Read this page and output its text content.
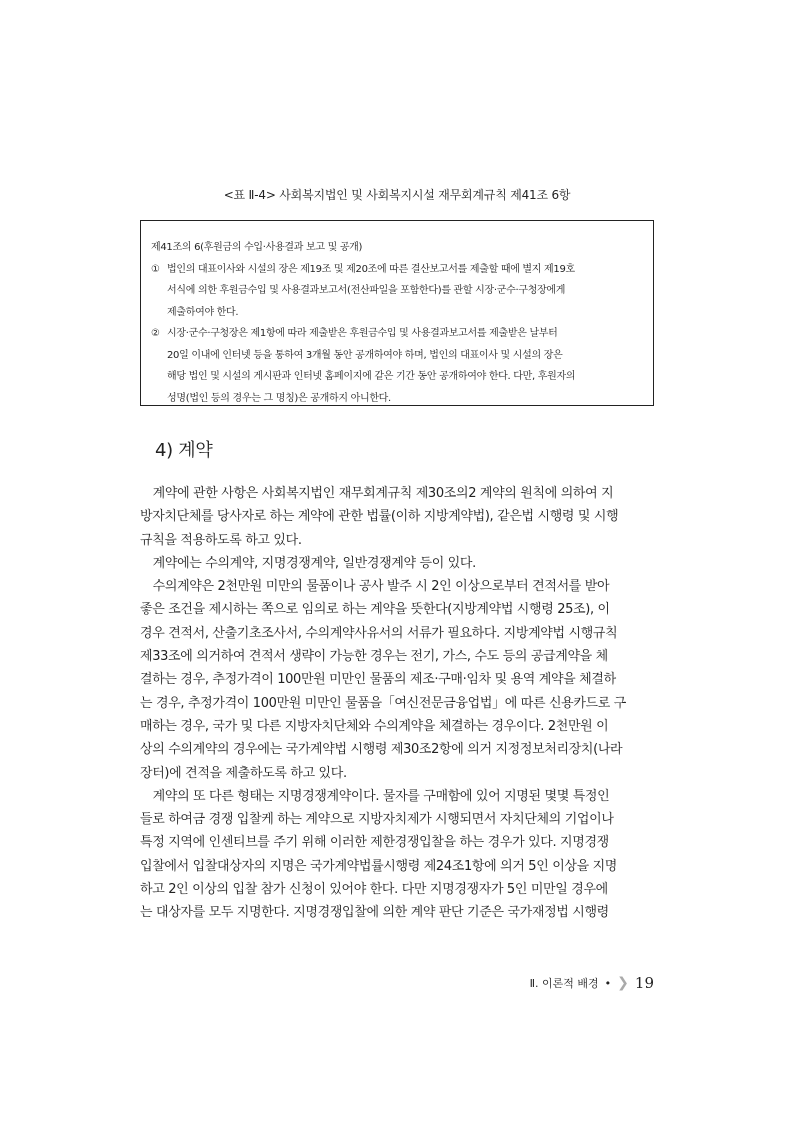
<표 Ⅱ-4> 사회복지법인 및 사회복지시설 재무회계규칙 제41조 6항
제41조의 6(후원금의 수입·사용결과 보고 및 공개)
① 법인의 대표이사와 시설의 장은 제19조 및 제20조에 따른 결산보고서를 제출할 때에 별지 제19호
서식에 의한 후원금수입 및 사용결과보고서(전산파일을 포함한다)를 관할 시장·군수·구청장에게
제출하여야 한다.
② 시장·군수·구청장은 제1항에 따라 제출받은 후원금수입 및 사용결과보고서를 제출받은 날부터
20일 이내에 인터넷 등을 통하여 3개월 동안 공개하여야 하며, 법인의 대표이사 및 시설의 장은
해당 법인 및 시설의 게시판과 인터넷 홈페이지에 같은 기간 동안 공개하여야 한다. 다만, 후원자의
성명(법인 등의 경우는 그 명칭)은 공개하지 아니한다.
4) 계약
　계약에 관한 사항은 사회복지법인 재무회계규칙 제30조의2 계약의 원칙에 의하여 지
방자치단체를 당사자로 하는 계약에 관한 법률(이하 지방계약법), 같은법 시행령 및 시행
규칙을 적용하도록 하고 있다.
　계약에는 수의계약, 지명경쟁계약, 일반경쟁계약 등이 있다.
　수의계약은 2천만원 미만의 물품이나 공사 발주 시 2인 이상으로부터 견적서를 받아
좋은 조건을 제시하는 쪽으로 임의로 하는 계약을 뜻한다(지방계약법 시행령 25조), 이
경우 견적서, 산출기초조사서, 수의계약사유서의 서류가 필요하다. 지방계약법 시행규칙
제33조에 의거하여 견적서 생략이 가능한 경우는 전기, 가스, 수도 등의 공급계약을 체
결하는 경우, 추정가격이 100만원 미만인 물품의 제조·구매·임차 및 용역 계약을 체결하
는 경우, 추정가격이 100만원 미만인 물품을「여신전문금융업법」에 따른 신용카드로 구
매하는 경우, 국가 및 다른 지방자치단체와 수의계약을 체결하는 경우이다. 2천만원 이
상의 수의계약의 경우에는 국가계약법 시행령 제30조2항에 의거 지정정보처리장치(나라
장터)에 견적을 제출하도록 하고 있다.
　계약의 또 다른 형태는 지명경쟁계약이다. 물자를 구매함에 있어 지명된 몇몇 특정인
들로 하여금 경쟁 입찰케 하는 계약으로 지방자치제가 시행되면서 자치단체의 기업이나
특정 지역에 인센티브를 주기 위해 이러한 제한경쟁입찰을 하는 경우가 있다. 지명경쟁
입찰에서 입찰대상자의 지명은 국가계약법률시행령 제24조1항에 의거 5인 이상을 지명
하고 2인 이상의 입찰 참가 신청이 있어야 한다. 다만 지명경쟁자가 5인 미만일 경우에
는 대상자를 모두 지명한다. 지명경쟁입찰에 의한 계약 판단 기준은 국가재정법 시행령
Ⅱ. 이론적 배경 • ❯ 19
